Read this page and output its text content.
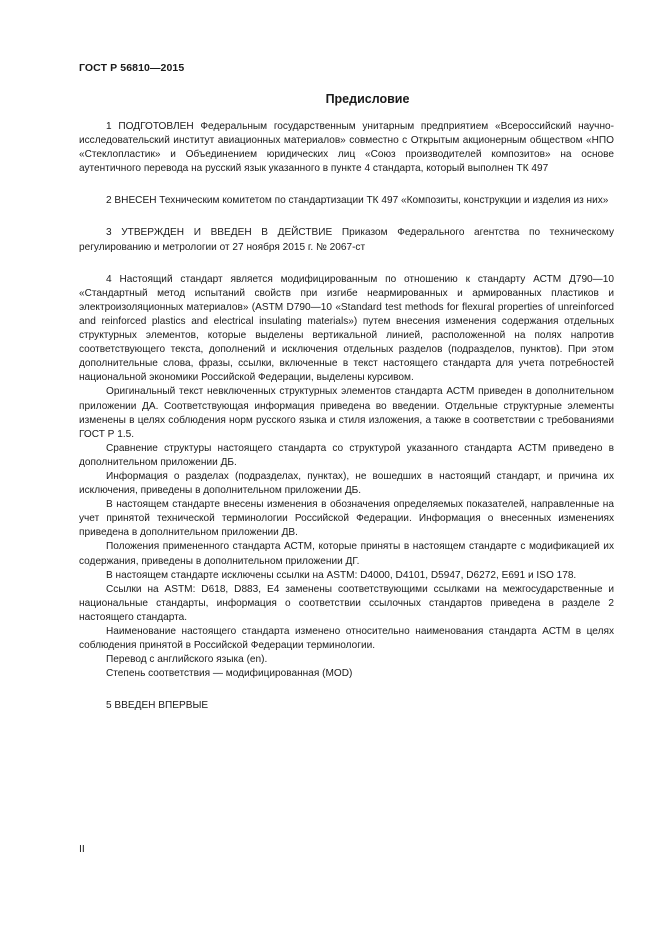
ГОСТ Р 56810—2015
Предисловие

1 ПОДГОТОВЛЕН Федеральным государственным унитарным предприятием «Всероссийский научно-исследовательский институт авиационных материалов» совместно с Открытым акционерным обществом «НПО «Стеклопластик» и Объединением юридических лиц «Союз производителей композитов» на основе аутентичного перевода на русский язык указанного в пункте 4 стандарта, который выполнен ТК 497

2 ВНЕСЕН Техническим комитетом по стандартизации ТК 497 «Композиты, конструкции и изделия из них»

3 УТВЕРЖДЕН И ВВЕДЕН В ДЕЙСТВИЕ Приказом Федерального агентства по техническому регулированию и метрологии от 27 ноября 2015 г. № 2067-ст

4 Настоящий стандарт является модифицированным по отношению к стандарту АСТМ Д790—10 «Стандартный метод испытаний свойств при изгибе неармированных и армированных пластиков и электроизоляционных материалов» (ASTM D790—10 «Standard test methods for flexural properties of unreinforced and reinforced plastics and electrical insulating materials») путем внесения изменения содержания отдельных структурных элементов, которые выделены вертикальной линией, расположенной на полях напротив соответствующего текста, дополнений и исключения отдельных разделов (подразделов, пунктов). При этом дополнительные слова, фразы, ссылки, включенные в текст настоящего стандарта для учета потребностей национальной экономики Российской Федерации, выделены курсивом.

Оригинальный текст невключенных структурных элементов стандарта АСТМ приведен в дополнительном приложении ДА. Соответствующая информация приведена во введении. Отдельные структурные элементы изменены в целях соблюдения норм русского языка и стиля изложения, а также в соответствии с требованиями ГОСТ Р 1.5.

Сравнение структуры настоящего стандарта со структурой указанного стандарта АСТМ приведено в дополнительном приложении ДБ.

Информация о разделах (подразделах, пунктах), не вошедших в настоящий стандарт, и причина их исключения, приведены в дополнительном приложении ДБ.

В настоящем стандарте внесены изменения в обозначения определяемых показателей, направленные на учет принятой технической терминологии Российской Федерации. Информация о внесенных изменениях приведена в дополнительном приложении ДВ.

Положения примененного стандарта АСТМ, которые приняты в настоящем стандарте с модификацией их содержания, приведены в дополнительном приложении ДГ.

В настоящем стандарте исключены ссылки на ASTM: D4000, D4101, D5947, D6272, E691 и ISO 178.

Ссылки на ASTM: D618, D883, E4 заменены соответствующими ссылками на межгосударственные и национальные стандарты, информация о соответствии ссылочных стандартов приведена в разделе 2 настоящего стандарта.

Наименование настоящего стандарта изменено относительно наименования стандарта АСТМ в целях соблюдения принятой в Российской Федерации терминологии.

Перевод с английского языка (en).

Степень соответствия — модифицированная (MOD)

5 ВВЕДЕН ВПЕРВЫЕ

II
